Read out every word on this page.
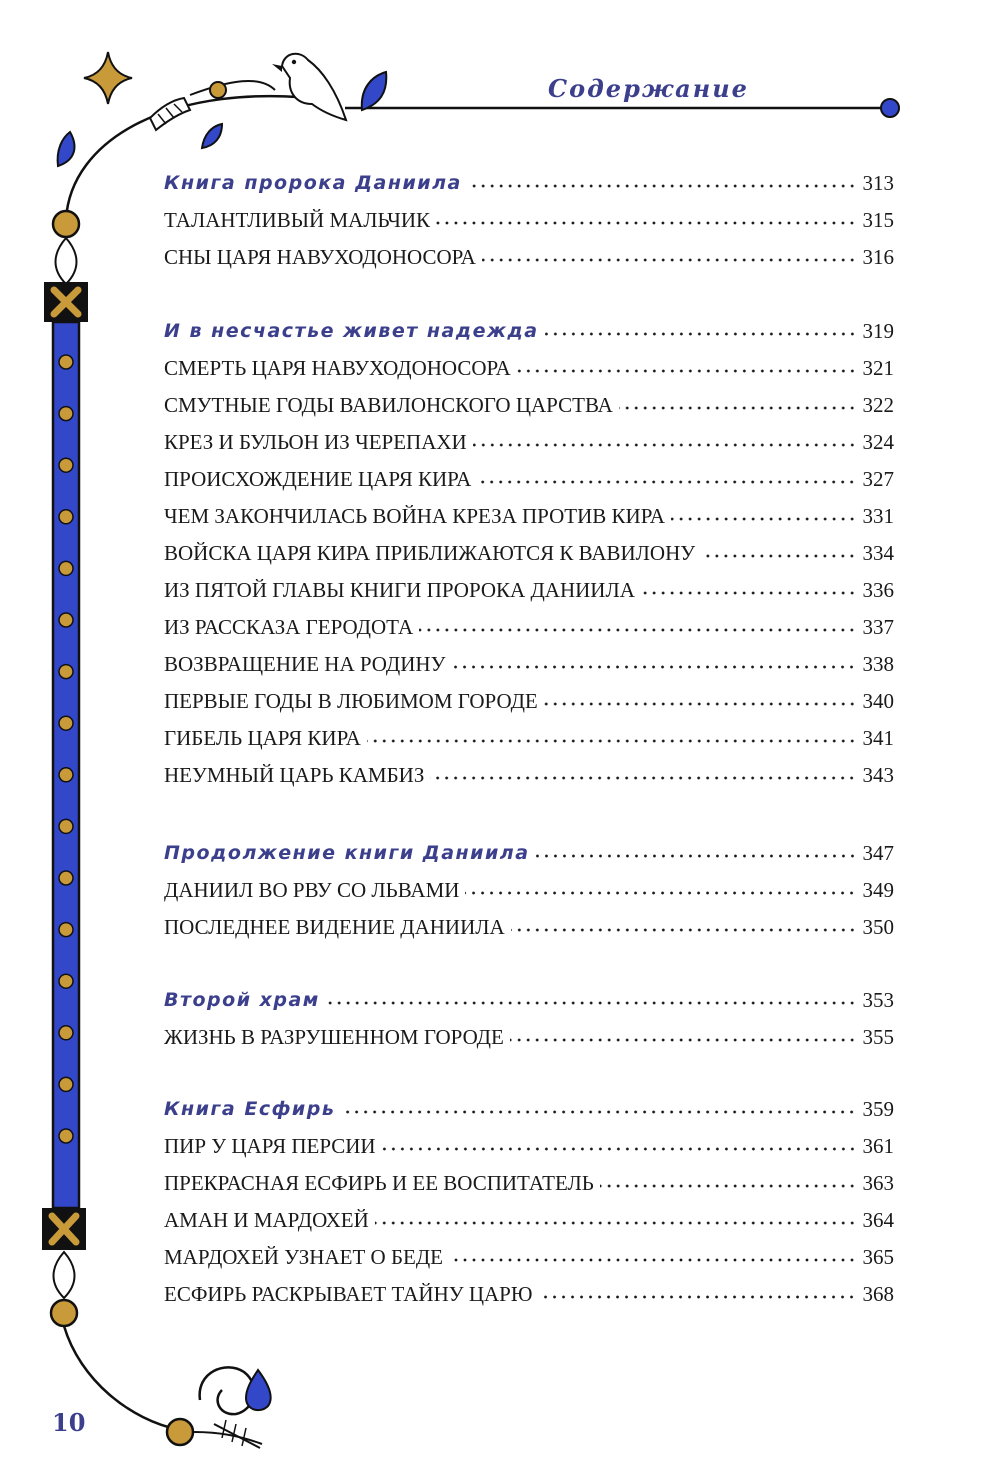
Содержание
Книга пророка Даниила	313
ТАЛАНТЛИВЫЙ МАЛЬЧИК	315
СНЫ ЦАРЯ НАВУХОДОНОСОРА	316
И в несчастье живет надежда	319
СМЕРТЬ ЦАРЯ НАВУХОДОНОСОРА	321
СМУТНЫЕ ГОДЫ ВАВИЛОНСКОГО ЦАРСТВА	322
КРЕЗ И БУЛЬОН ИЗ ЧЕРЕПАХИ	324
ПРОИСХОЖДЕНИЕ ЦАРЯ КИРА	327
ЧЕМ ЗАКОНЧИЛАСЬ ВОЙНА КРЕЗА ПРОТИВ КИРА	331
ВОЙСКА ЦАРЯ КИРА ПРИБЛИЖАЮТСЯ К ВАВИЛОНУ	334
ИЗ ПЯТОЙ ГЛАВЫ КНИГИ ПРОРОКА ДАНИИЛА	336
ИЗ РАССКАЗА ГЕРОДОТА	337
ВОЗВРАЩЕНИЕ НА РОДИНУ	338
ПЕРВЫЕ ГОДЫ В ЛЮБИМОМ ГОРОДЕ	340
ГИБЕЛЬ ЦАРЯ КИРА	341
НЕУМНЫЙ ЦАРЬ КАМБИЗ	343
Продолжение книги Даниила	347
ДАНИИЛ ВО РВУ СО ЛЬВАМИ	349
ПОСЛЕДНЕЕ ВИДЕНИЕ ДАНИИЛА	350
Второй храм	353
ЖИЗНЬ В РАЗРУШЕННОМ ГОРОДЕ	355
Книга Есфирь	359
ПИР У ЦАРЯ ПЕРСИИ	361
ПРЕКРАСНАЯ ЕСФИРЬ И ЕЕ ВОСПИТАТЕЛЬ	363
АМАН И МАРДОХЕЙ	364
МАРДОХЕЙ УЗНАЕТ О БЕДЕ	365
ЕСФИРЬ РАСКРЫВАЕТ ТАЙНУ ЦАРЮ	368
10
